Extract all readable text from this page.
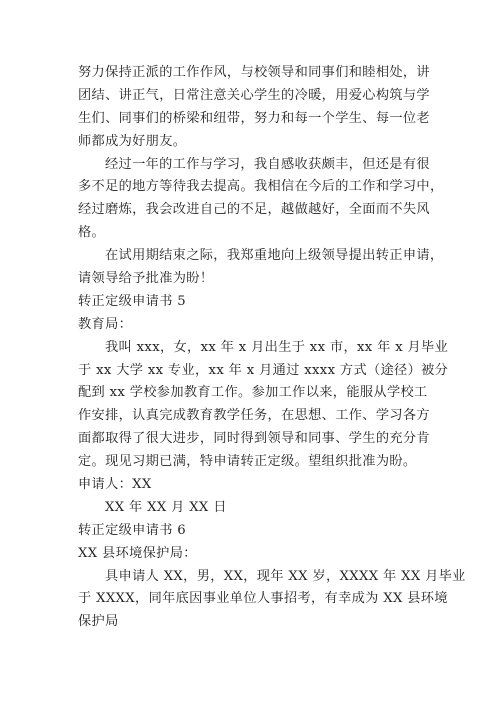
努力保持正派的工作作风，与校领导和同事们和睦相处，讲
团结、讲正气，日常注意关心学生的冷暖，用爱心构筑与学
生们、同事们的桥梁和纽带，努力和每一个学生、每一位老
师都成为好朋友。
经过一年的工作与学习，我自感收获颇丰，但还是有很
多不足的地方等待我去提高。我相信在今后的工作和学习中，
经过磨炼，我会改进自己的不足，越做越好，全面而不失风
格。
在试用期结束之际，我郑重地向上级领导提出转正申请，
请领导给予批准为盼！
转正定级申请书 5
教育局：
我叫 xxx，女，xx 年 x 月出生于 xx 市，xx 年 x 月毕业
于 xx 大学 xx 专业，xx 年 x 月通过 xxxx 方式（途径）被分
配到 xx 学校参加教育工作。参加工作以来，能服从学校工
作安排，认真完成教育教学任务，在思想、工作、学习各方
面都取得了很大进步，同时得到领导和同事、学生的充分肯
定。现见习期已满，特申请转正定级。望组织批准为盼。
申请人：XX
XX 年 XX 月 XX 日
转正定级申请书 6
XX 县环境保护局：
具申请人 XX，男，XX，现年 XX 岁，XXXX 年 XX 月毕业
于 XXXX，同年底因事业单位人事招考，有幸成为 XX 县环境
保护局
